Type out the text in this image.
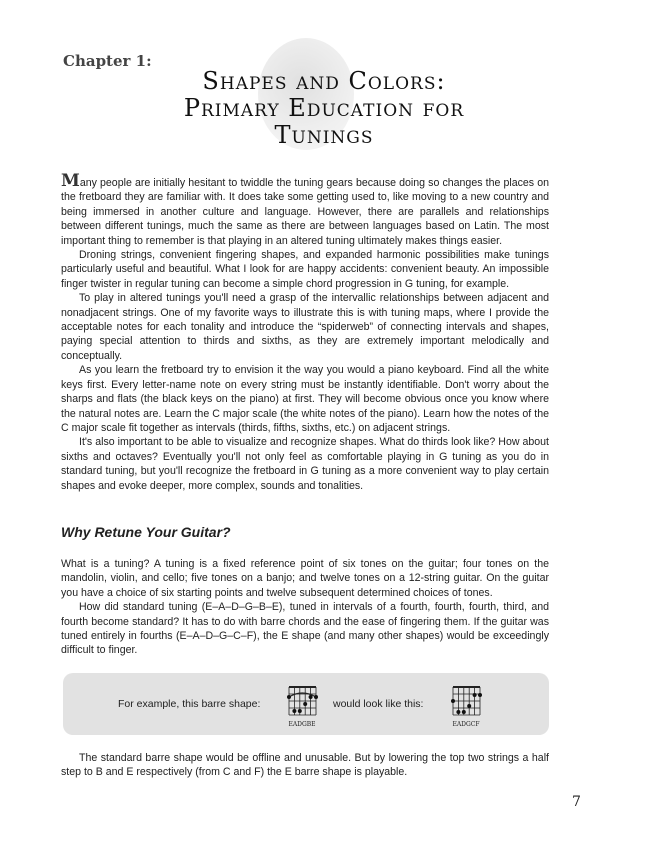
Chapter 1:
Shapes and Colors:
Primary Education for
Tunings

Many people are initially hesitant to twiddle the tuning gears because doing so changes the places on the fretboard they are familiar with. It does take some getting used to, like moving to a new country and being immersed in another culture and language. However, there are parallels and relationships between different tunings, much the same as there are between languages based on Latin. The most important thing to remember is that playing in an altered tuning ultimately makes things easier.

Droning strings, convenient fingering shapes, and expanded harmonic possibilities make tunings particularly useful and beautiful. What I look for are happy accidents: convenient beauty. An impossible finger twister in regular tuning can become a simple chord progression in G tuning, for example.

To play in altered tunings you'll need a grasp of the intervallic relationships between adjacent and nonadjacent strings. One of my favorite ways to illustrate this is with tuning maps, where I provide the acceptable notes for each tonality and introduce the “spiderweb” of connecting intervals and shapes, paying special attention to thirds and sixths, as they are extremely important melodically and conceptually.

As you learn the fretboard try to envision it the way you would a piano keyboard. Find all the white keys first. Every letter-name note on every string must be instantly identifiable. Don't worry about the sharps and flats (the black keys on the piano) at first. They will become obvious once you know where the natural notes are. Learn the C major scale (the white notes of the piano). Learn how the notes of the C major scale fit together as intervals (thirds, fifths, sixths, etc.) on adjacent strings.

It's also important to be able to visualize and recognize shapes. What do thirds look like? How about sixths and octaves? Eventually you'll not only feel as comfortable playing in G tuning as you do in standard tuning, but you'll recognize the fretboard in G tuning as a more convenient way to play certain shapes and evoke deeper, more complex, sounds and tonalities.

Why Retune Your Guitar?

What is a tuning? A tuning is a fixed reference point of six tones on the guitar; four tones on the mandolin, violin, and cello; five tones on a banjo; and twelve tones on a 12-string guitar. On the guitar you have a choice of six starting points and twelve subsequent determined choices of tones.

How did standard tuning (E–A–D–G–B–E), tuned in intervals of a fourth, fourth, fourth, third, and fourth become standard? It has to do with barre chords and the ease of fingering them. If the guitar was tuned entirely in fourths (E–A–D–G–C–F), the E shape (and many other shapes) would be exceedingly difficult to finger.

For example, this barre shape:
EADGBE
would look like this:
EADGCF

The standard barre shape would be offline and unusable. But by lowering the top two strings a half step to B and E respectively (from C and F) the E barre shape is playable.

7
